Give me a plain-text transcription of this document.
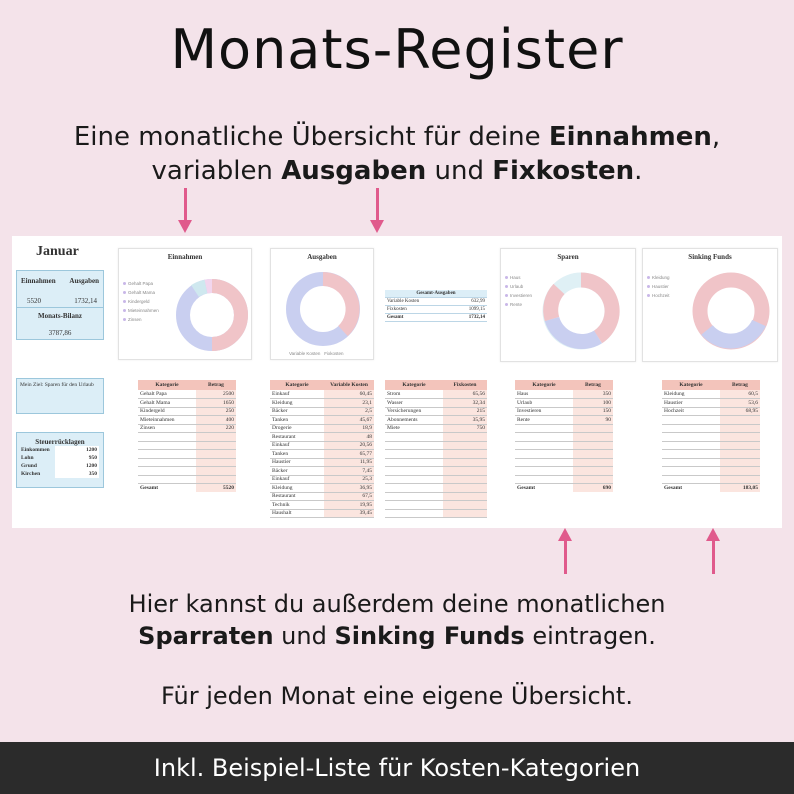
Monats-Register
Eine monatliche Übersicht für deine Einnahmen,
variablen Ausgaben und Fixkosten.
Januar
Einnahmen Ausgaben
5520	1732,14
Monats-Bilanz
3787,86
Mein Ziel: Sparen für den Urlaub
Steuerrücklagen
Einkommen	1200
Lohn	950
Grund	1200
Kirchen	350
Einnahmen
Gehalt Papa
Gehalt Mama
Kindergeld
Mieteinnahmen
Zinsen
Ausgaben
Variable Kosten Fixkosten
Gesamt-Ausgaben	
Variable Kosten	632,99
Fixkosten	1099,15
Gesamt	1732,14
Sparen
Haus
Urlaub
Investieren
Rente
Sinking Funds
Kleidung
Haustier
Hochzeit
Kategorie	Betrag
Gehalt Papa	2500
Gehalt Mama	1650
Kindergeld	250
Mieteinnahmen	400
Zinsen	220

Gesamt	5520
Kategorie	Variable Kosten
Einkauf	60,45
Kleidung	23,1
Bäcker	2,5
Tanken	45,67
Drogerie	18,9
Restaurant	48
Einkauf	20,56
Tanken	65,77
Haustier	11,95
Bäcker	7,45
Einkauf	25,3
Kleidung	36,95
Restaurant	67,5
Technik	19,95
Haushalt	39,45
Kategorie	Fixkosten
Strom	65,56
Wasser	32,34
Versicherungen	215
Abonnements	35,95
Miete	750

Kategorie	Betrag
Haus	350
Urlaub	100
Investieren	150
Rente	90

Gesamt	690
Kategorie	Betrag
Kleidung	60,5
Haustier	53,6
Hochzeit	68,95

Gesamt	183,05
Hier kannst du außerdem deine monatlichen
Sparraten und Sinking Funds eintragen.
Für jeden Monat eine eigene Übersicht.
Inkl. Beispiel-Liste für Kosten-Kategorien
